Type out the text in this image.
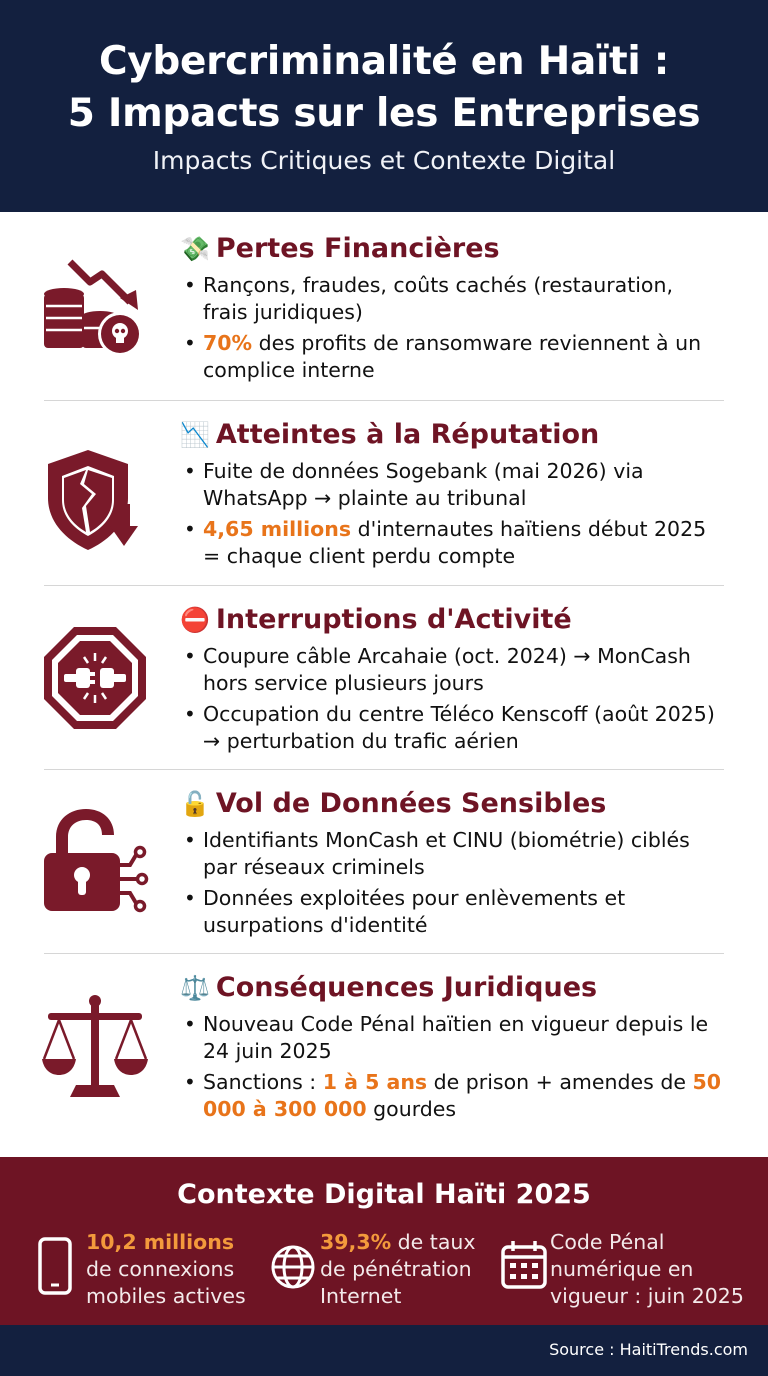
Cybercriminalité en Haïti :
5 Impacts sur les Entreprises
Impacts Critiques et Contexte Digital
💸 Pertes Financières
• Rançons, fraudes, coûts cachés (restauration, frais juridiques)
• 70% des profits de ransomware reviennent à un complice interne
📉 Atteintes à la Réputation
• Fuite de données Sogebank (mai 2026) via WhatsApp → plainte au tribunal
• 4,65 millions d'internautes haïtiens début 2025 = chaque client perdu compte
⛔ Interruptions d'Activité
• Coupure câble Arcahaie (oct. 2024) → MonCash hors service plusieurs jours
• Occupation du centre Téléco Kenscoff (août 2025) → perturbation du trafic aérien
🔓 Vol de Données Sensibles
• Identifiants MonCash et CINU (biométrie) ciblés par réseaux criminels
• Données exploitées pour enlèvements et usurpations d'identité
⚖️ Conséquences Juridiques
• Nouveau Code Pénal haïtien en vigueur depuis le 24 juin 2025
• Sanctions : 1 à 5 ans de prison + amendes de 50 000 à 300 000 gourdes
Contexte Digital Haïti 2025
10,2 millions
de connexions
mobiles actives
39,3% de taux
de pénétration
Internet
Code Pénal
numérique en
vigueur : juin 2025
Source : HaitiTrends.com
